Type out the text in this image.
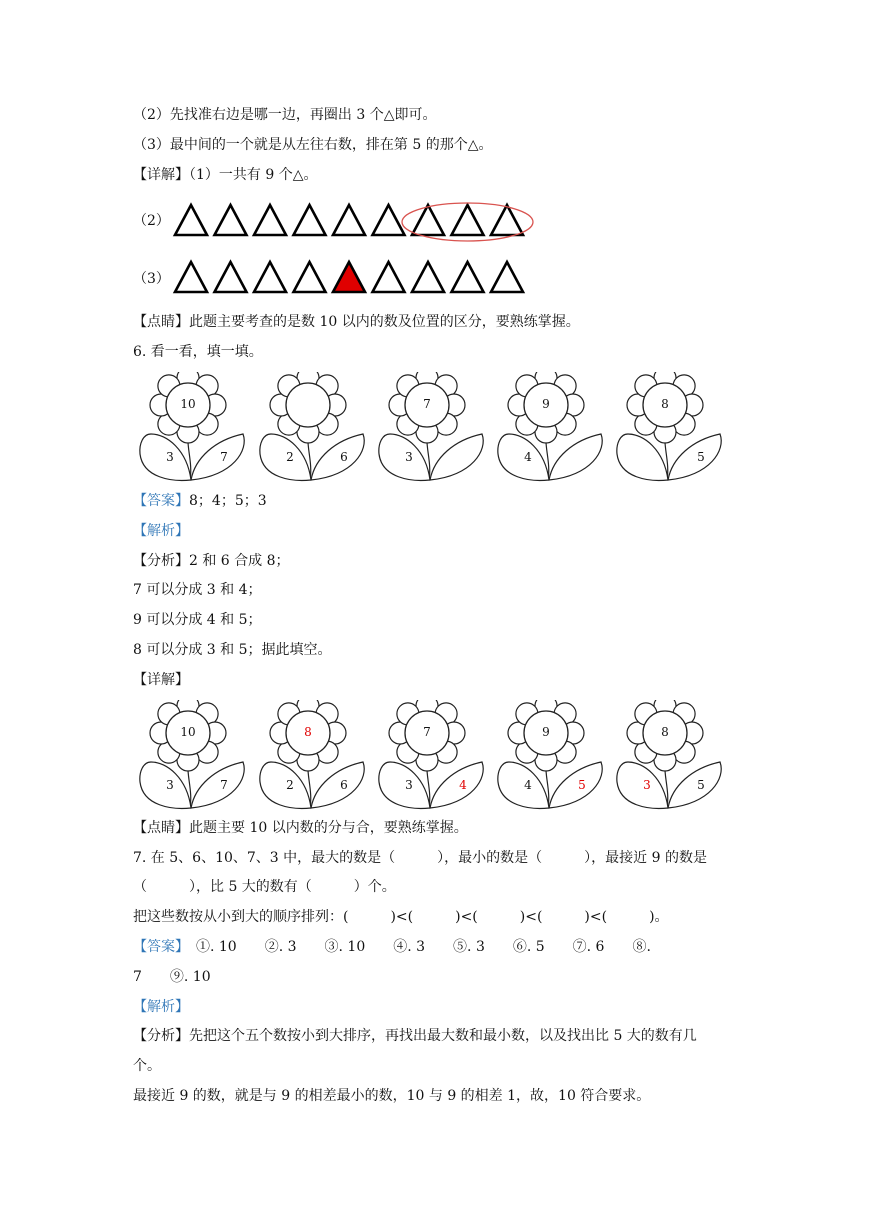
（2）先找准右边是哪一边，再圈出 3 个△即可。
（3）最中间的一个就是从左往右数，排在第 5 的那个△。
【详解】（1）一共有 9 个△。
（2）
（3）
【点睛】此题主要考查的是数 10 以内的数及位置的区分，要熟练掌握。
6. 看一看，填一填。
10
3	7	2	6
7
3
9
4
8
5
【答案】8；4；5；3
【解析】
【分析】2 和 6 合成 8；
7 可以分成 3 和 4；
9 可以分成 4 和 5；
8 可以分成 3 和 5；据此填空。
【详解】
10
3	7
8
2	6
7
3	4
9
4	5
8
3	5
【点睛】此题主要 10 以内数的分与合，要熟练掌握。
7. 在 5、6、10、7、3 中，最大的数是（　　　），最小的数是（　　　），最接近 9 的数是
（　　　），比 5 大的数有（　　　）个。
把这些数按从小到大的顺序排列：(　　　)<(　　　)<(　　　)<(　　　)<(　　　)。
【答案】　①. 10　　②. 3　　③. 10　　④. 3　　⑤. 3　　⑥. 5　　⑦. 6　　⑧.
7　　⑨. 10
【解析】
【分析】先把这个五个数按小到大排序，再找出最大数和最小数，以及找出比 5 大的数有几
个。
最接近 9 的数，就是与 9 的相差最小的数，10 与 9 的相差 1，故，10 符合要求。
